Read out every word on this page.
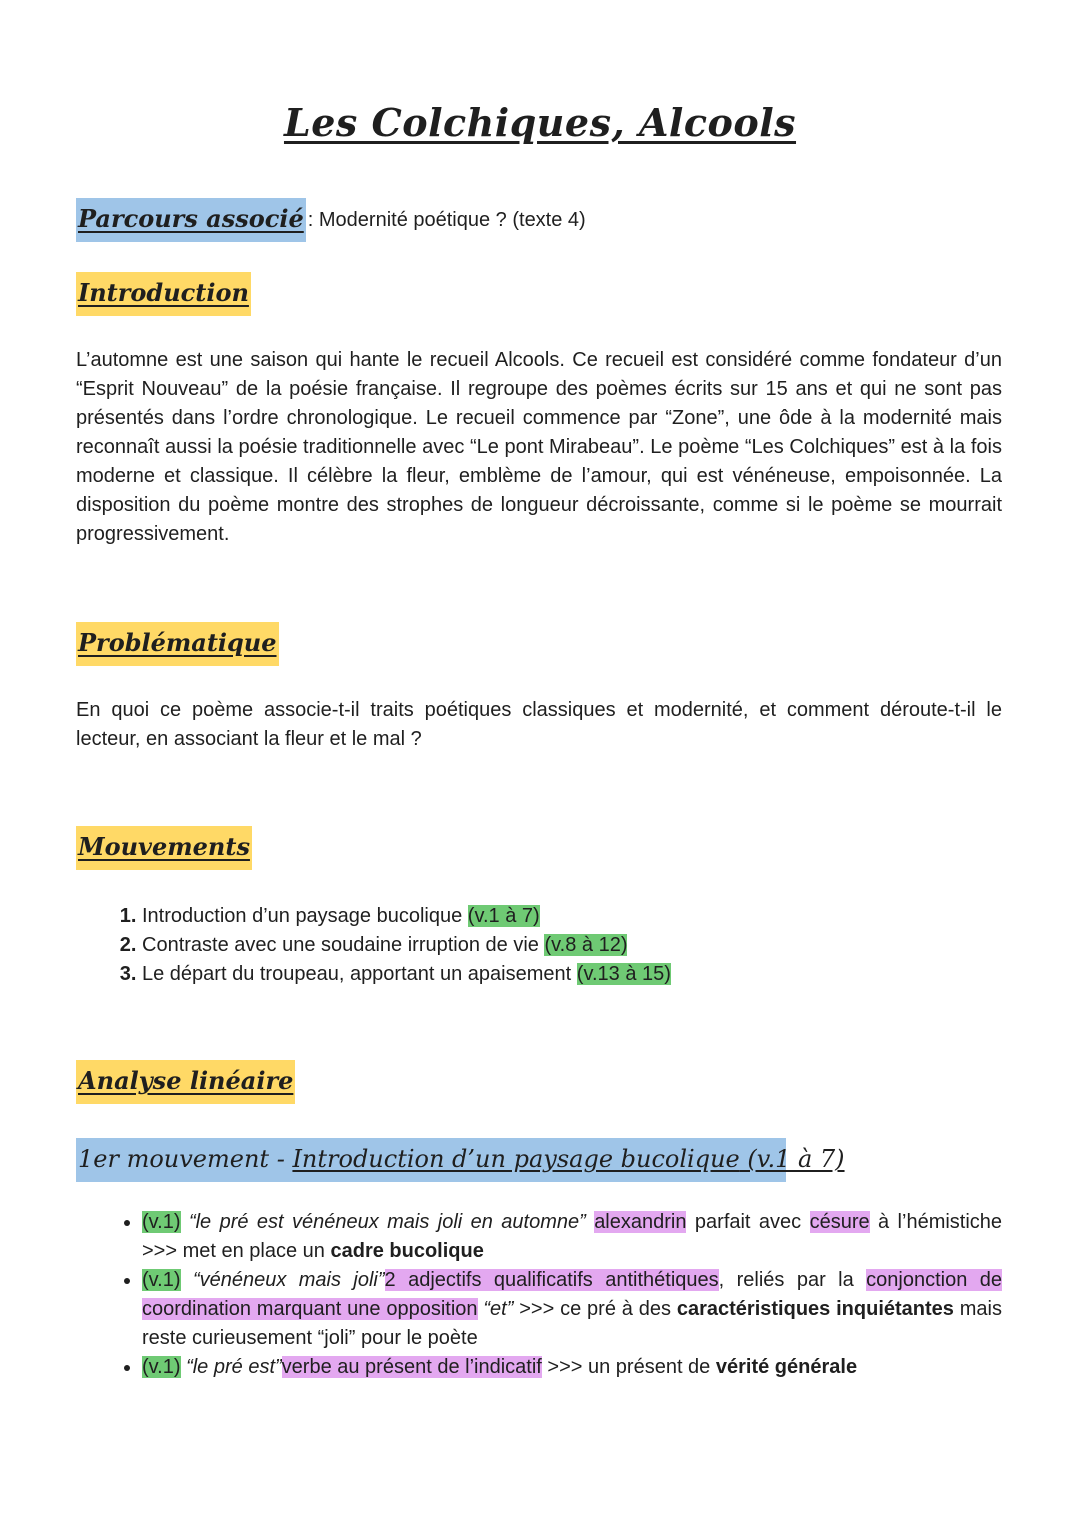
Les Colchiques, Alcools
Parcours associé : Modernité poétique ? (texte 4)
Introduction

L’automne est une saison qui hante le recueil Alcools. Ce recueil est considéré comme fondateur d’un “Esprit Nouveau” de la poésie française. Il regroupe des poèmes écrits sur 15 ans et qui ne sont pas présentés dans l’ordre chronologique. Le recueil commence par “Zone”, une ôde à la modernité mais reconnaît aussi la poésie traditionnelle avec “Le pont Mirabeau”. Le poème “Les Colchiques” est à la fois moderne et classique. Il célèbre la fleur, emblème de l’amour, qui est vénéneuse, empoisonnée. La disposition du poème montre des strophes de longueur décroissante, comme si le poème se mourrait progressivement.

Problématique

En quoi ce poème associe-t-il traits poétiques classiques et modernité, et comment déroute-t-il le lecteur, en associant la fleur et le mal ?

Mouvements
1. Introduction d’un paysage bucolique (v.1 à 7)
2. Contraste avec une soudaine irruption de vie (v.8 à 12)
3. Le départ du troupeau, apportant un apaisement (v.13 à 15)
Analyse linéaire
1er mouvement - Introduction d’un paysage bucolique (v.1 à 7)
• (v.1) “le pré est vénéneux mais joli en automne” alexandrin parfait avec césure à l’hémistiche >>> met en place un cadre bucolique
• (v.1) “vénéneux mais joli”2 adjectifs qualificatifs antithétiques, reliés par la conjonction de coordination marquant une opposition “et” >>> ce pré à des caractéristiques inquiétantes mais reste curieusement “joli” pour le poète
• (v.1) “le pré est”verbe au présent de l’indicatif >>> un présent de vérité générale
